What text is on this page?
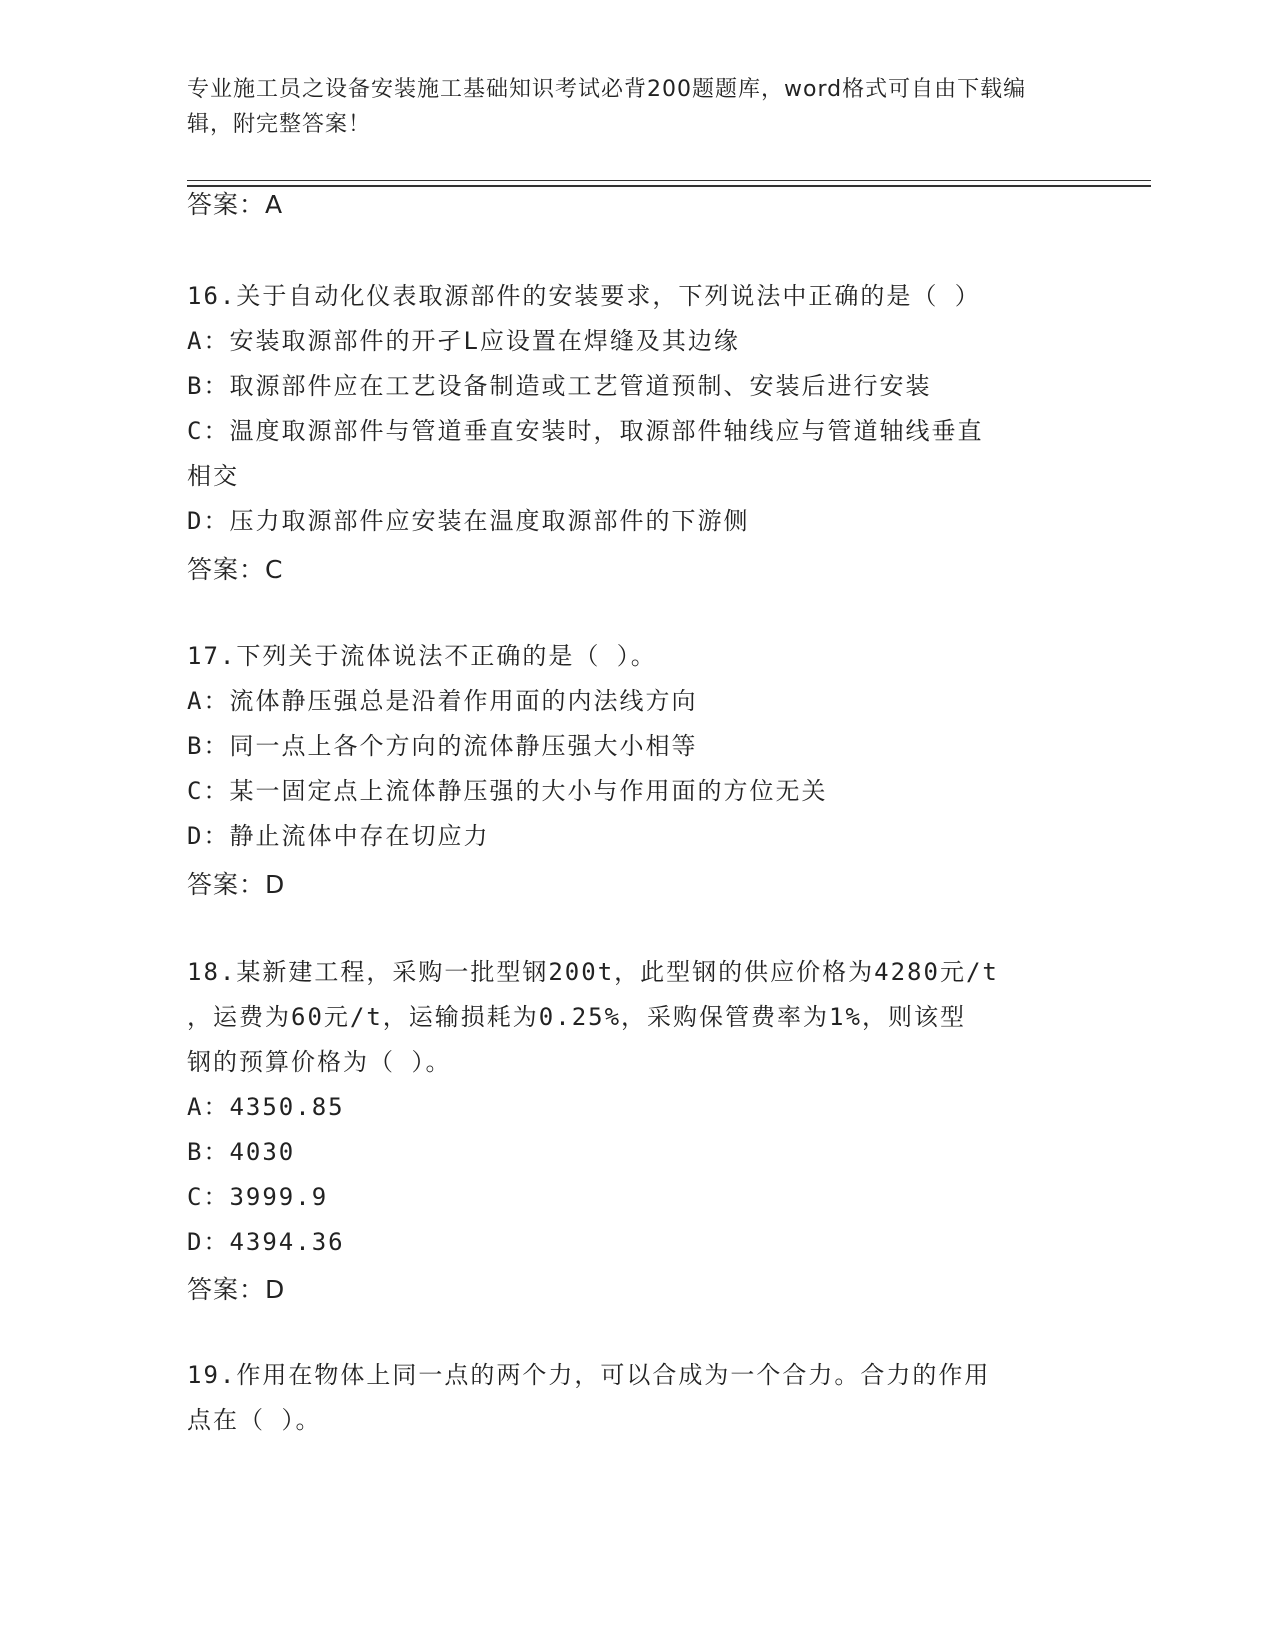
专业施工员之设备安装施工基础知识考试必背200题题库，word格式可自由下载编辑，附完整答案！
答案：A
16.关于自动化仪表取源部件的安装要求，下列说法中正确的是（ ）
A：安装取源部件的开孑L应设置在焊缝及其边缘
B：取源部件应在工艺设备制造或工艺管道预制、安装后进行安装
C：温度取源部件与管道垂直安装时，取源部件轴线应与管道轴线垂直
相交
D：压力取源部件应安装在温度取源部件的下游侧
答案：C
17.下列关于流体说法不正确的是（ ）。
A：流体静压强总是沿着作用面的内法线方向
B：同一点上各个方向的流体静压强大小相等
C：某一固定点上流体静压强的大小与作用面的方位无关
D：静止流体中存在切应力
答案：D
18.某新建工程，采购一批型钢200t，此型钢的供应价格为4280元/t
，运费为60元/t，运输损耗为0.25%，采购保管费率为1%，则该型
钢的预算价格为（ ）。
A：4350.85
B：4030
C：3999.9
D：4394.36
答案：D
19.作用在物体上同一点的两个力，可以合成为一个合力。合力的作用
点在（ ）。
